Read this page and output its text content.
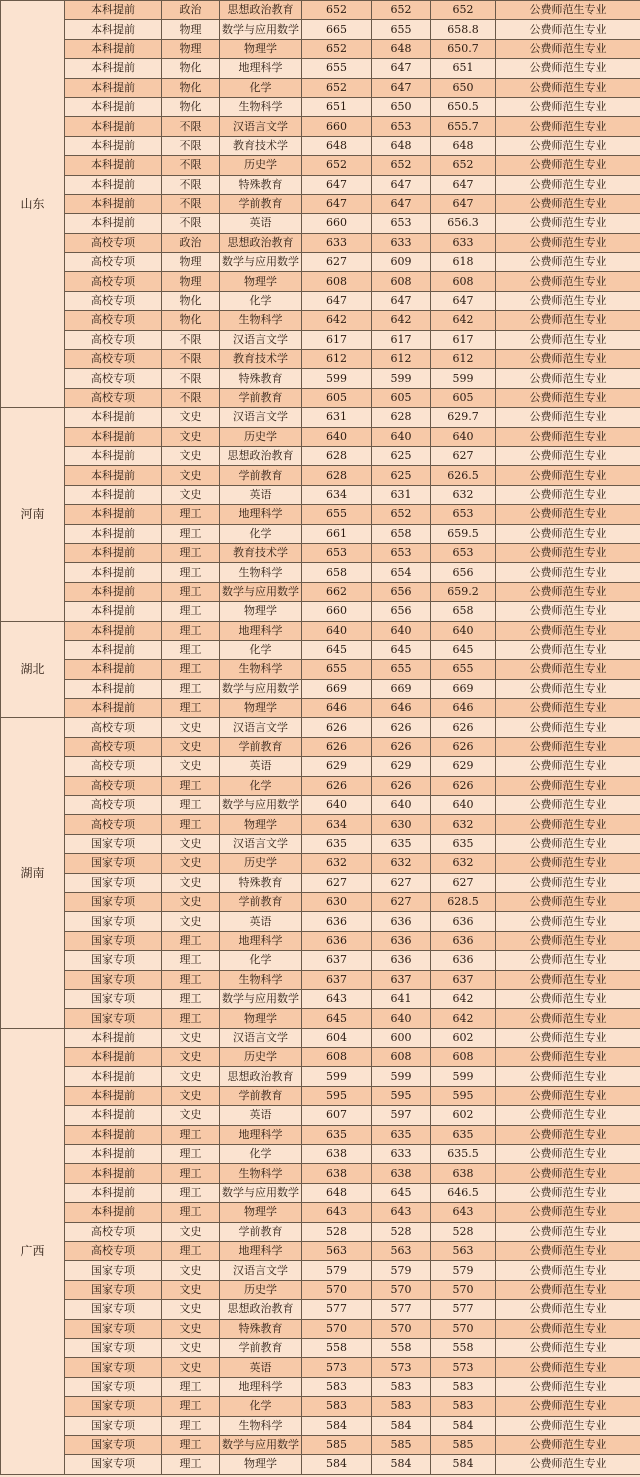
山东	本科提前	政治	思想政治教育	652	652	652	公费师范生专业
	本科提前	物理	数学与应用数学	665	655	658.8	公费师范生专业
	本科提前	物理	物理学	652	648	650.7	公费师范生专业
	本科提前	物化	地理科学	655	647	651	公费师范生专业
	本科提前	物化	化学	652	647	650	公费师范生专业
	本科提前	物化	生物科学	651	650	650.5	公费师范生专业
	本科提前	不限	汉语言文学	660	653	655.7	公费师范生专业
	本科提前	不限	教育技术学	648	648	648	公费师范生专业
	本科提前	不限	历史学	652	652	652	公费师范生专业
	本科提前	不限	特殊教育	647	647	647	公费师范生专业
	本科提前	不限	学前教育	647	647	647	公费师范生专业
	本科提前	不限	英语	660	653	656.3	公费师范生专业
	高校专项	政治	思想政治教育	633	633	633	公费师范生专业
	高校专项	物理	数学与应用数学	627	609	618	公费师范生专业
	高校专项	物理	物理学	608	608	608	公费师范生专业
	高校专项	物化	化学	647	647	647	公费师范生专业
	高校专项	物化	生物科学	642	642	642	公费师范生专业
	高校专项	不限	汉语言文学	617	617	617	公费师范生专业
	高校专项	不限	教育技术学	612	612	612	公费师范生专业
	高校专项	不限	特殊教育	599	599	599	公费师范生专业
	高校专项	不限	学前教育	605	605	605	公费师范生专业
河南	本科提前	文史	汉语言文学	631	628	629.7	公费师范生专业
	本科提前	文史	历史学	640	640	640	公费师范生专业
	本科提前	文史	思想政治教育	628	625	627	公费师范生专业
	本科提前	文史	学前教育	628	625	626.5	公费师范生专业
	本科提前	文史	英语	634	631	632	公费师范生专业
	本科提前	理工	地理科学	655	652	653	公费师范生专业
	本科提前	理工	化学	661	658	659.5	公费师范生专业
	本科提前	理工	教育技术学	653	653	653	公费师范生专业
	本科提前	理工	生物科学	658	654	656	公费师范生专业
	本科提前	理工	数学与应用数学	662	656	659.2	公费师范生专业
	本科提前	理工	物理学	660	656	658	公费师范生专业
湖北	本科提前	理工	地理科学	640	640	640	公费师范生专业
	本科提前	理工	化学	645	645	645	公费师范生专业
	本科提前	理工	生物科学	655	655	655	公费师范生专业
	本科提前	理工	数学与应用数学	669	669	669	公费师范生专业
	本科提前	理工	物理学	646	646	646	公费师范生专业
湖南	高校专项	文史	汉语言文学	626	626	626	公费师范生专业
	高校专项	文史	学前教育	626	626	626	公费师范生专业
	高校专项	文史	英语	629	629	629	公费师范生专业
	高校专项	理工	化学	626	626	626	公费师范生专业
	高校专项	理工	数学与应用数学	640	640	640	公费师范生专业
	高校专项	理工	物理学	634	630	632	公费师范生专业
	国家专项	文史	汉语言文学	635	635	635	公费师范生专业
	国家专项	文史	历史学	632	632	632	公费师范生专业
	国家专项	文史	特殊教育	627	627	627	公费师范生专业
	国家专项	文史	学前教育	630	627	628.5	公费师范生专业
	国家专项	文史	英语	636	636	636	公费师范生专业
	国家专项	理工	地理科学	636	636	636	公费师范生专业
	国家专项	理工	化学	637	636	636	公费师范生专业
	国家专项	理工	生物科学	637	637	637	公费师范生专业
	国家专项	理工	数学与应用数学	643	641	642	公费师范生专业
	国家专项	理工	物理学	645	640	642	公费师范生专业
广西	本科提前	文史	汉语言文学	604	600	602	公费师范生专业
	本科提前	文史	历史学	608	608	608	公费师范生专业
	本科提前	文史	思想政治教育	599	599	599	公费师范生专业
	本科提前	文史	学前教育	595	595	595	公费师范生专业
	本科提前	文史	英语	607	597	602	公费师范生专业
	本科提前	理工	地理科学	635	635	635	公费师范生专业
	本科提前	理工	化学	638	633	635.5	公费师范生专业
	本科提前	理工	生物科学	638	638	638	公费师范生专业
	本科提前	理工	数学与应用数学	648	645	646.5	公费师范生专业
	本科提前	理工	物理学	643	643	643	公费师范生专业
	高校专项	文史	学前教育	528	528	528	公费师范生专业
	高校专项	理工	地理科学	563	563	563	公费师范生专业
	国家专项	文史	汉语言文学	579	579	579	公费师范生专业
	国家专项	文史	历史学	570	570	570	公费师范生专业
	国家专项	文史	思想政治教育	577	577	577	公费师范生专业
	国家专项	文史	特殊教育	570	570	570	公费师范生专业
	国家专项	文史	学前教育	558	558	558	公费师范生专业
	国家专项	文史	英语	573	573	573	公费师范生专业
	国家专项	理工	地理科学	583	583	583	公费师范生专业
	国家专项	理工	化学	583	583	583	公费师范生专业
	国家专项	理工	生物科学	584	584	584	公费师范生专业
	国家专项	理工	数学与应用数学	585	585	585	公费师范生专业
	国家专项	理工	物理学	584	584	584	公费师范生专业
